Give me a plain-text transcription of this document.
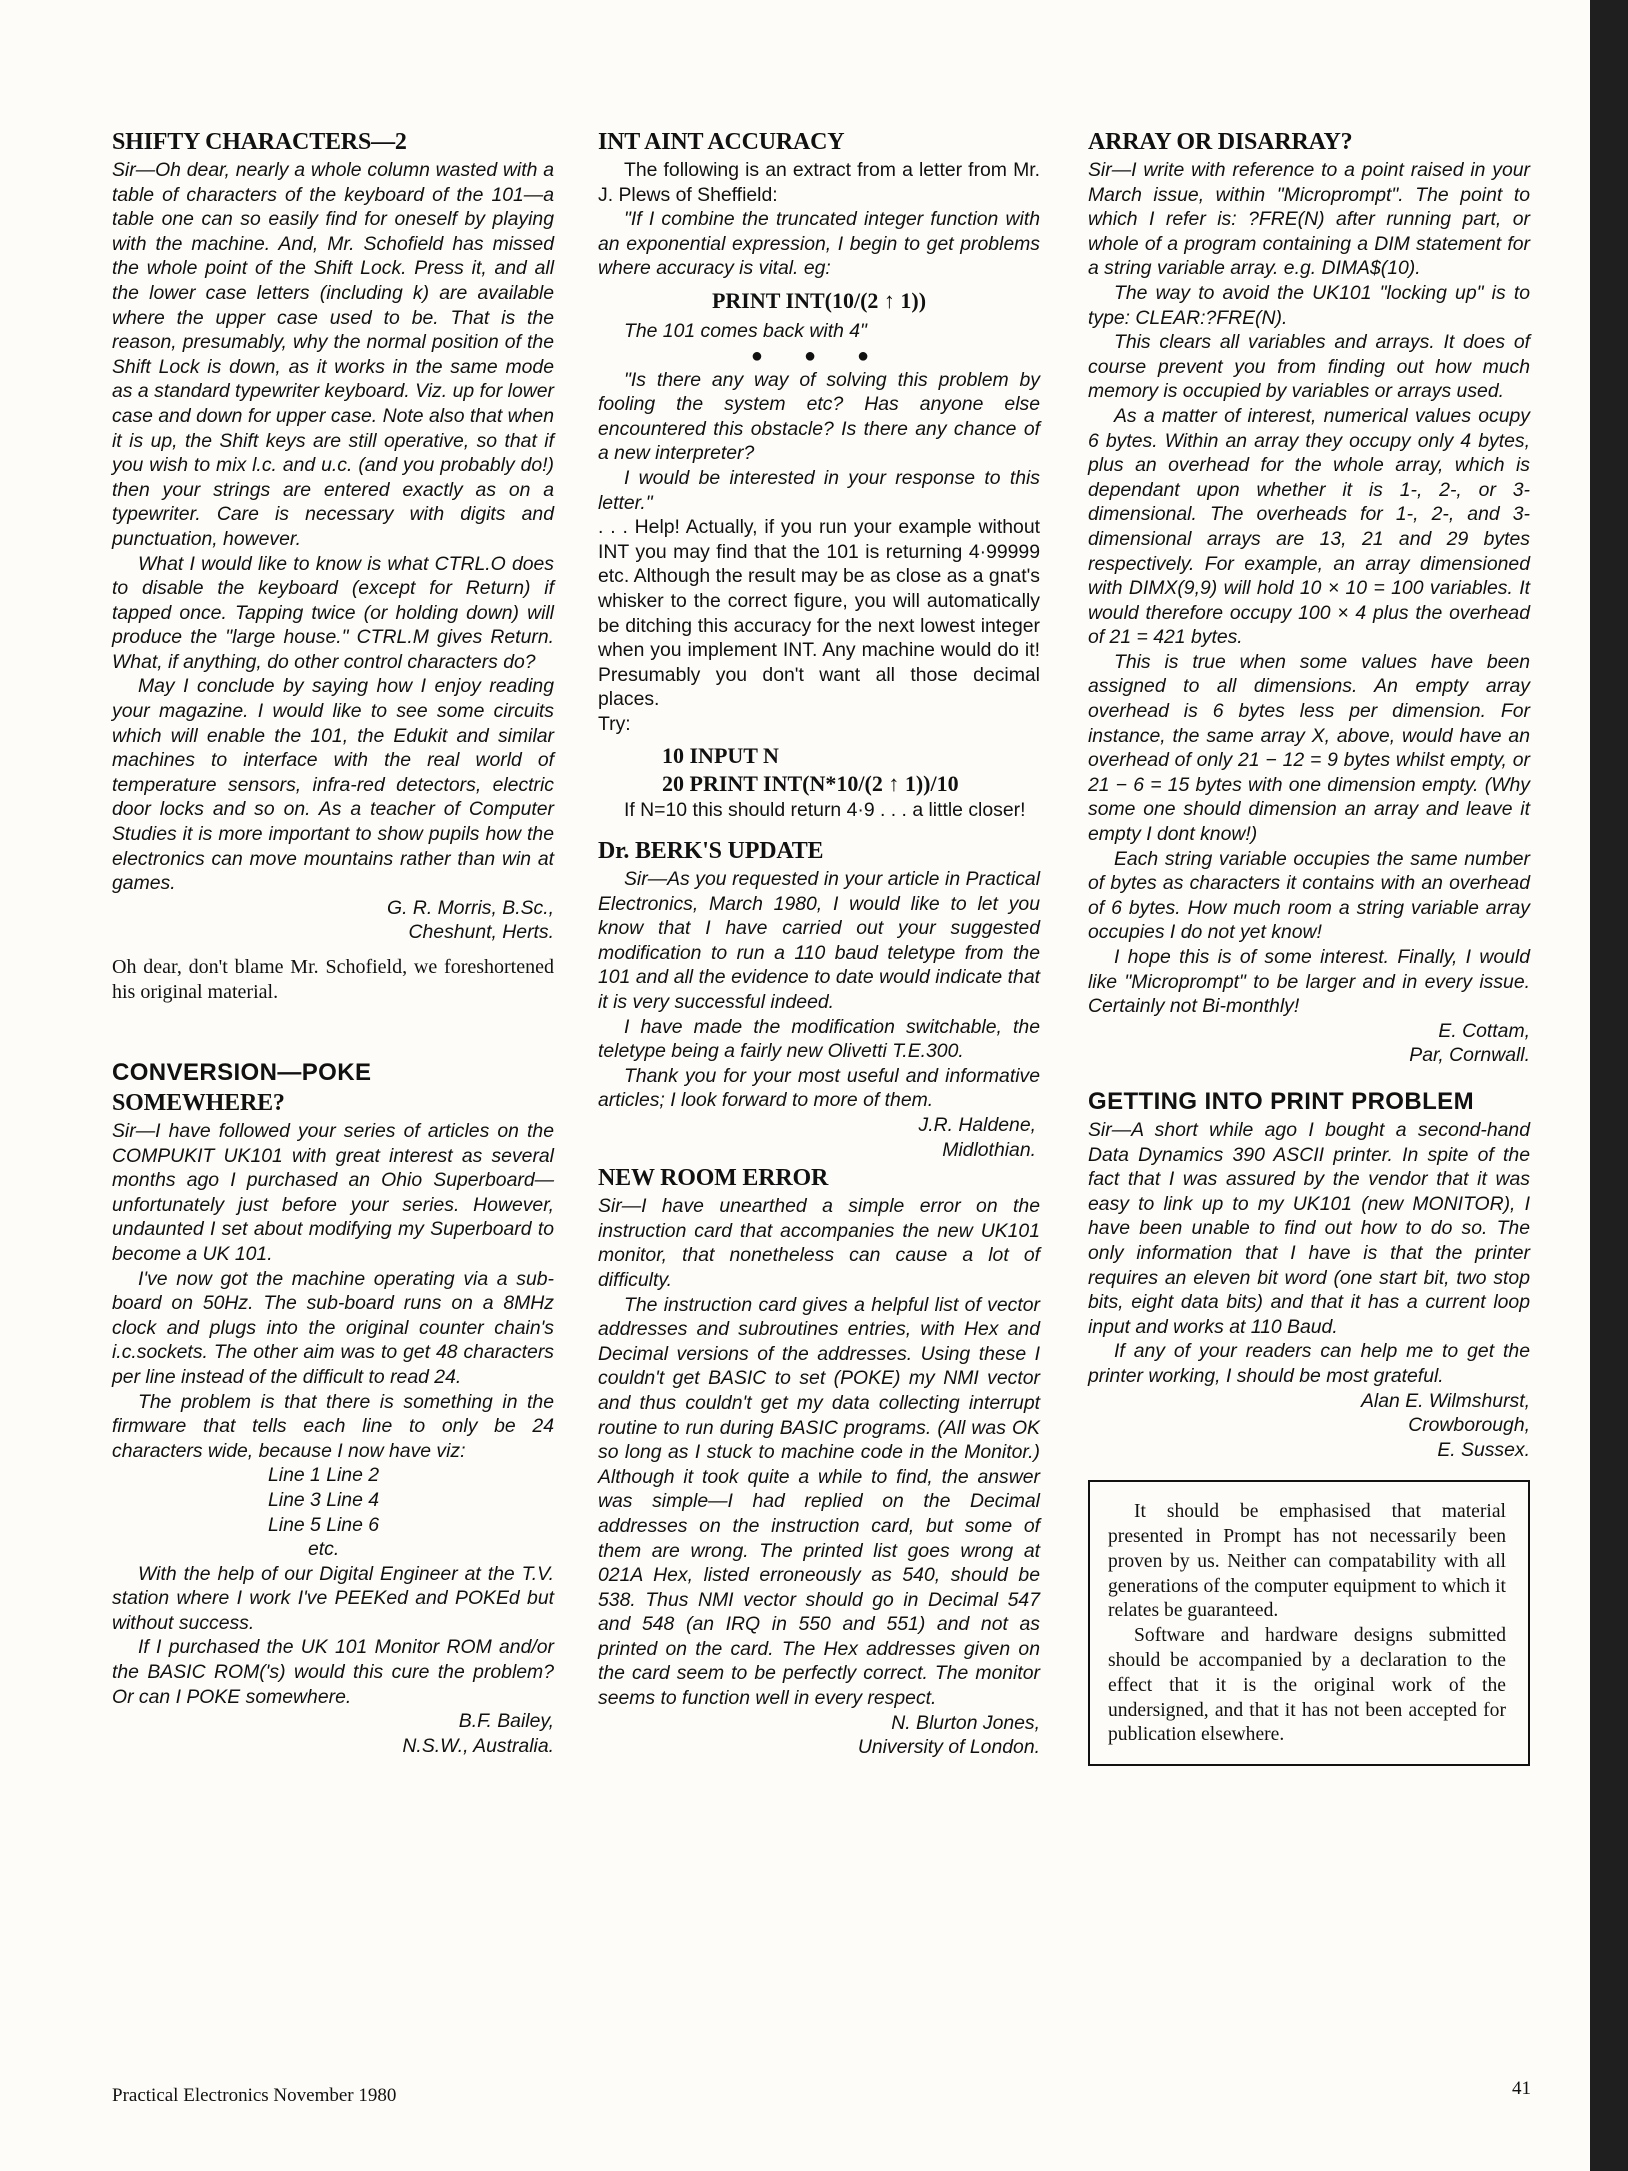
SHIFTY CHARACTERS—2

Sir—Oh dear, nearly a whole column wasted with a table of characters of the keyboard of the 101—a table one can so easily find for oneself by playing with the machine. And, Mr. Schofield has missed the whole point of the Shift Lock. Press it, and all the lower case letters (including k) are available where the upper case used to be. That is the reason, presumably, why the normal position of the Shift Lock is down, as it works in the same mode as a standard typewriter keyboard. Viz. up for lower case and down for upper case. Note also that when it is up, the Shift keys are still operative, so that if you wish to mix l.c. and u.c. (and you probably do!) then your strings are entered exactly as on a typewriter. Care is necessary with digits and punctuation, however.

What I would like to know is what CTRL.O does to disable the keyboard (except for Return) if tapped once. Tapping twice (or holding down) will produce the "large house." CTRL.M gives Return. What, if anything, do other control characters do?

May I conclude by saying how I enjoy reading your magazine. I would like to see some circuits which will enable the 101, the Edukit and similar machines to interface with the real world of temperature sensors, infra-red detectors, electric door locks and so on. As a teacher of Computer Studies it is more important to show pupils how the electronics can move mountains rather than win at games.

G. R. Morris, B.Sc.,
Cheshunt, Herts.

Oh dear, don't blame Mr. Schofield, we foreshortened his original material.

CONVERSION—POKE
SOMEWHERE?

Sir—I have followed your series of articles on the COMPUKIT UK101 with great interest as several months ago I purchased an Ohio Superboard—unfortunately just before your series. However, undaunted I set about modifying my Superboard to become a UK 101.

I've now got the machine operating via a sub-board on 50Hz. The sub-board runs on a 8MHz clock and plugs into the original counter chain's i.c.sockets. The other aim was to get 48 characters per line instead of the difficult to read 24.

The problem is that there is something in the firmware that tells each line to only be 24 characters wide, because I now have viz:

Line 1 Line 2
Line 3 Line 4
Line 5 Line 6
etc.

With the help of our Digital Engineer at the T.V. station where I work I've PEEKed and POKEd but without success.

If I purchased the UK 101 Monitor ROM and/or the BASIC ROM('s) would this cure the problem? Or can I POKE somewhere.

B.F. Bailey,
N.S.W., Australia.
INT AINT ACCURACY

The following is an extract from a letter from Mr. J. Plews of Sheffield:

"If I combine the truncated integer function with an exponential expression, I begin to get problems where accuracy is vital. eg:

PRINT INT(10/(2 ↑ 1))

The 101 comes back with 4"

● ● ●

"Is there any way of solving this problem by fooling the system etc? Has anyone else encountered this obstacle? Is there any chance of a new interpreter?

I would be interested in your response to this letter."

. . . Help! Actually, if you run your example without INT you may find that the 101 is returning 4·99999 etc. Although the result may be as close as a gnat's whisker to the correct figure, you will automatically be ditching this accuracy for the next lowest integer when you implement INT. Any machine would do it! Presumably you don't want all those decimal places.

Try:

10 INPUT N
20 PRINT INT(N*10/(2 ↑ 1))/10

If N=10 this should return 4·9 . . . a little closer!

Dr. BERK'S UPDATE

Sir—As you requested in your article in Practical Electronics, March 1980, I would like to let you know that I have carried out your suggested modification to run a 110 baud teletype from the 101 and all the evidence to date would indicate that it is very successful indeed.

I have made the modification switchable, the teletype being a fairly new Olivetti T.E.300.

Thank you for your most useful and informative articles; I look forward to more of them.

J.R. Haldene,
Midlothian.
NEW ROOM ERROR

Sir—I have unearthed a simple error on the instruction card that accompanies the new UK101 monitor, that nonetheless can cause a lot of difficulty.

The instruction card gives a helpful list of vector addresses and subroutines entries, with Hex and Decimal versions of the addresses. Using these I couldn't get BASIC to set (POKE) my NMI vector and thus couldn't get my data collecting interrupt routine to run during BASIC programs. (All was OK so long as I stuck to machine code in the Monitor.) Although it took quite a while to find, the answer was simple—I had replied on the Decimal addresses on the instruction card, but some of them are wrong. The printed list goes wrong at 021A Hex, listed erroneously as 540, should be 538. Thus NMI vector should go in Decimal 547 and 548 (an IRQ in 550 and 551) and not as printed on the card. The Hex addresses given on the card seem to be perfectly correct. The monitor seems to function well in every respect.

N. Blurton Jones,
University of London.
ARRAY OR DISARRAY?

Sir—I write with reference to a point raised in your March issue, within "Microprompt". The point to which I refer is: ?FRE(N) after running part, or whole of a program containing a DIM statement for a string variable array. e.g. DIMA$(10).

The way to avoid the UK101 "locking up" is to type: CLEAR:?FRE(N).

This clears all variables and arrays. It does of course prevent you from finding out how much memory is occupied by variables or arrays used.

As a matter of interest, numerical values ocupy 6 bytes. Within an array they occupy only 4 bytes, plus an overhead for the whole array, which is dependant upon whether it is 1-, 2-, or 3-dimensional. The overheads for 1-, 2-, and 3-dimensional arrays are 13, 21 and 29 bytes respectively. For example, an array dimensioned with DIMX(9,9) will hold 10 × 10 = 100 variables. It would therefore occupy 100 × 4 plus the overhead of 21 = 421 bytes.

This is true when some values have been assigned to all dimensions. An empty array overhead is 6 bytes less per dimension. For instance, the same array X, above, would have an overhead of only 21 − 12 = 9 bytes whilst empty, or 21 − 6 = 15 bytes with one dimension empty. (Why some one should dimension an array and leave it empty I dont know!)

Each string variable occupies the same number of bytes as characters it contains with an overhead of 6 bytes. How much room a string variable array occupies I do not yet know!

I hope this is of some interest. Finally, I would like "Microprompt" to be larger and in every issue. Certainly not Bi-monthly!

E. Cottam,
Par, Cornwall.
GETTING INTO PRINT PROBLEM

Sir—A short while ago I bought a second-hand Data Dynamics 390 ASCII printer. In spite of the fact that I was assured by the vendor that it was easy to link up to my UK101 (new MONITOR), I have been unable to find out how to do so. The only information that I have is that the printer requires an eleven bit word (one start bit, two stop bits, eight data bits) and that it has a current loop input and works at 110 Baud.

If any of your readers can help me to get the printer working, I should be most grateful.

Alan E. Wilmshurst,
Crowborough,
E. Sussex.

It should be emphasised that material presented in Prompt has not necessarily been proven by us. Neither can compatability with all generations of the computer equipment to which it relates be guaranteed.

Software and hardware designs submitted should be accompanied by a declaration to the effect that it is the original work of the undersigned, and that it has not been accepted for publication elsewhere.

Practical Electronics November 1980	41
